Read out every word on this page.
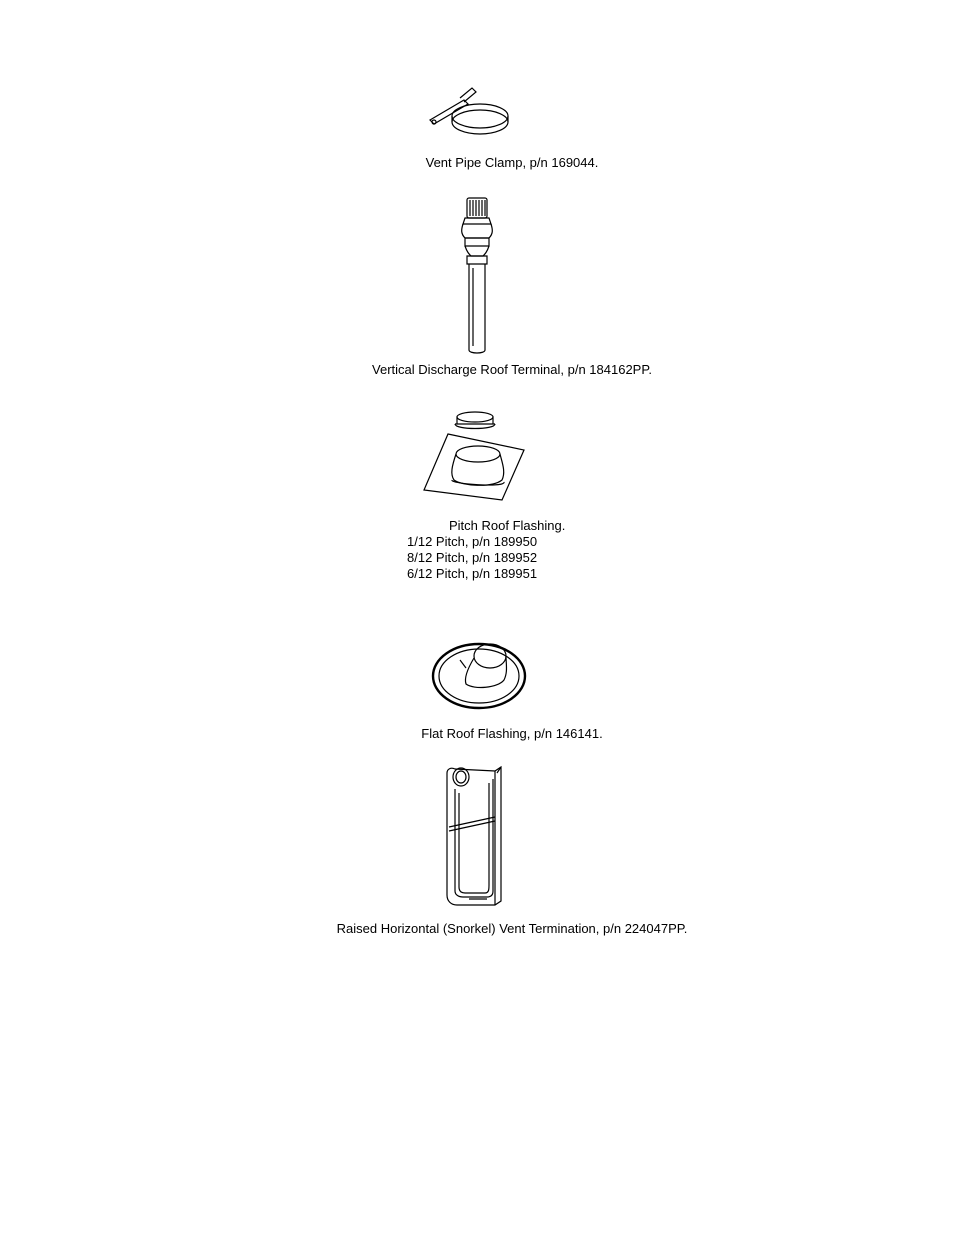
Vent Pipe Clamp, p/n 169044.
Vertical Discharge Roof Terminal, p/n 184162PP.
Pitch Roof Flashing.
1/12 Pitch, p/n 189950
8/12 Pitch, p/n 189952
6/12 Pitch, p/n 189951
Flat Roof Flashing, p/n 146141.
Raised Horizontal (Snorkel) Vent Termination, p/n 224047PP.
